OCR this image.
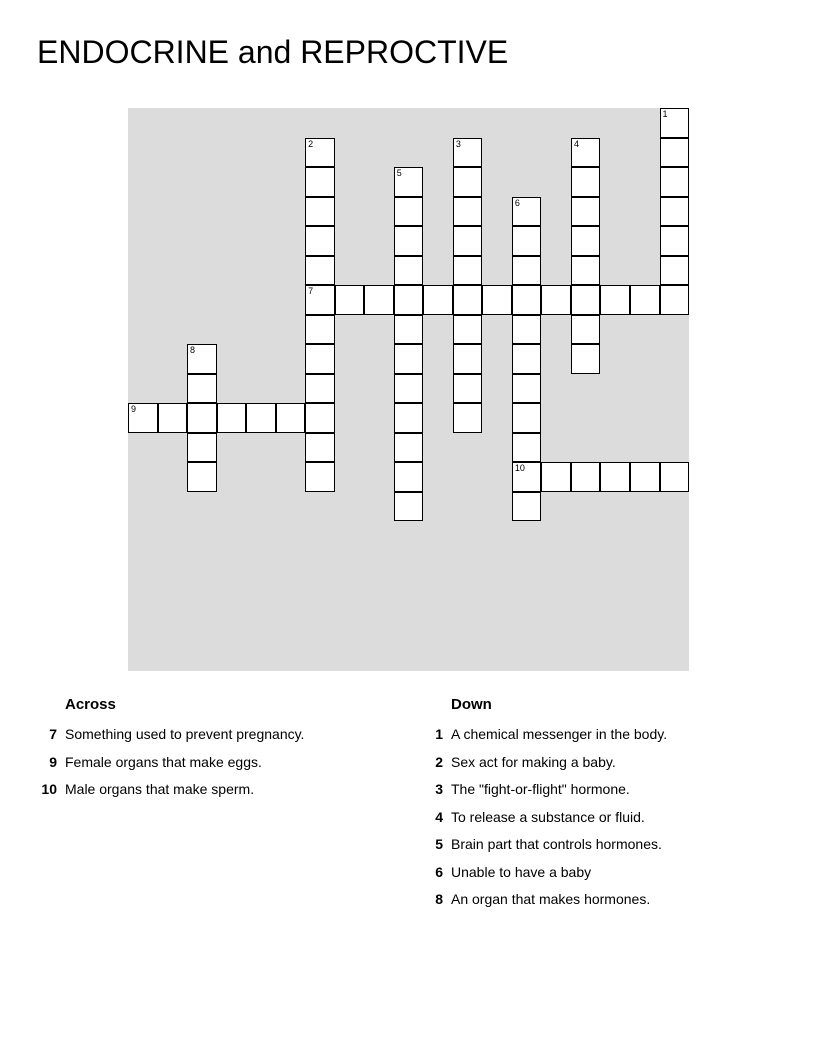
ENDOCRINE and REPROCTIVE
1
2
7
3	4
5
6
10
8
9
Across
7 Something used to prevent pregnancy.
9 Female organs that make eggs.
10 Male organs that make sperm.
Down
1 A chemical messenger in the body.
2 Sex act for making a baby.
3 The "fight-or-flight" hormone.
4 To release a substance or fluid.
5 Brain part that controls hormones.
6 Unable to have a baby
8 An organ that makes hormones.
